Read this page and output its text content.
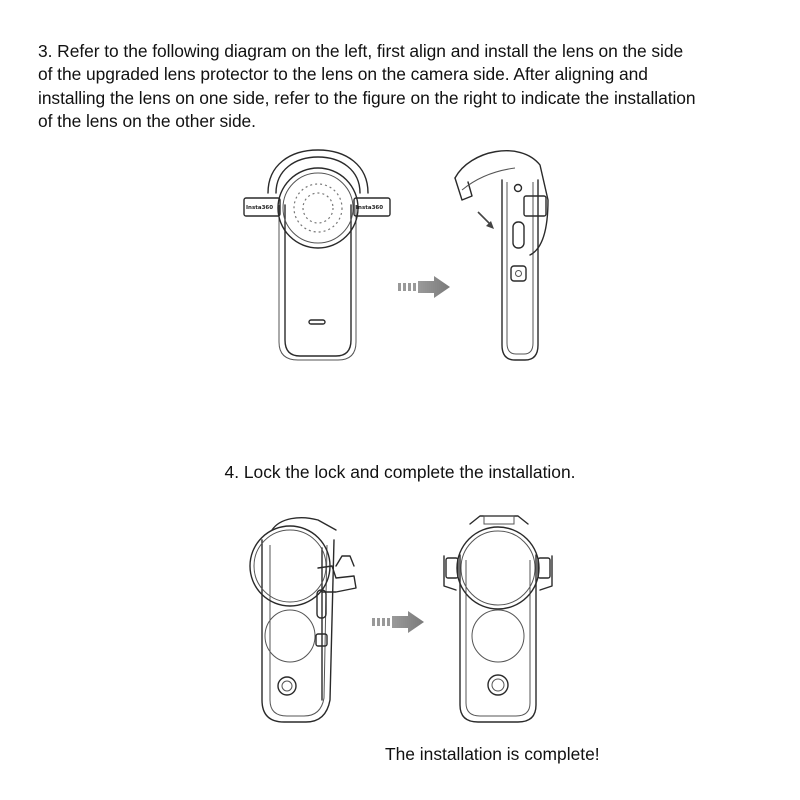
3. Refer to the following diagram on the left, first align and install the lens on the side
of the upgraded lens protector to the lens on the camera side. After aligning and
installing the lens on one side, refer to the figure on the right to indicate the installation
of the lens on the other side.
Insta360	Insta360
4. Lock the lock and complete the installation.
The installation is complete!
